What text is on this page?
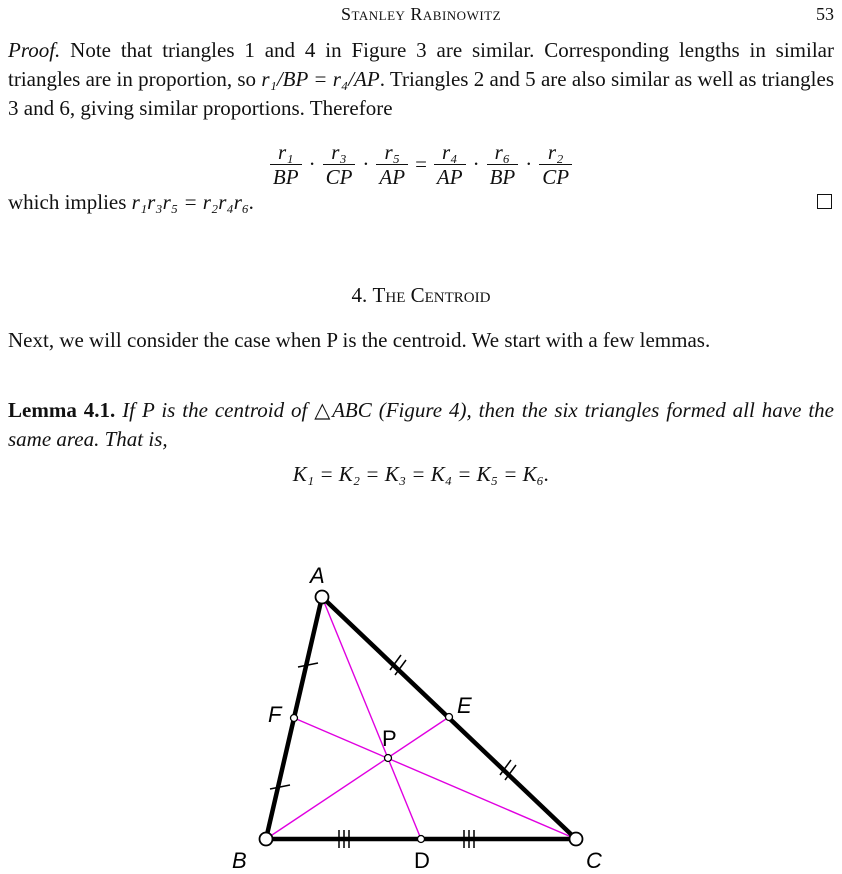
Stanley Rabinowitz	53
Proof. Note that triangles 1 and 4 in Figure 3 are similar. Corresponding lengths in similar triangles are in proportion, so r₁/BP = r₄/AP. Triangles 2 and 5 are also similar as well as triangles 3 and 6, giving similar proportions. Therefore
$\frac{\text{r₁}}{BP} \cdot \frac{\text{r₃}}{CP} \cdot \frac{\text{r₅}}{AP} = \frac{\text{r₄}}{AP} \cdot \frac{\text{r₆}}{BP} \cdot \frac{\text{r₂}}{CP}$
which implies r₁r₃r₅ = r₂r₄r₆.
4. The Centroid
Next, we will consider the case when P is the centroid. We start with a few lemmas.
Lemma 4.1. If P is the centroid of △ABC (Figure 4), then the six triangles formed all have the same area. That is,
K₁ = K₂ = K₃ = K₄ = K₅ = K₆.
A
B	C
D
E
F
P
